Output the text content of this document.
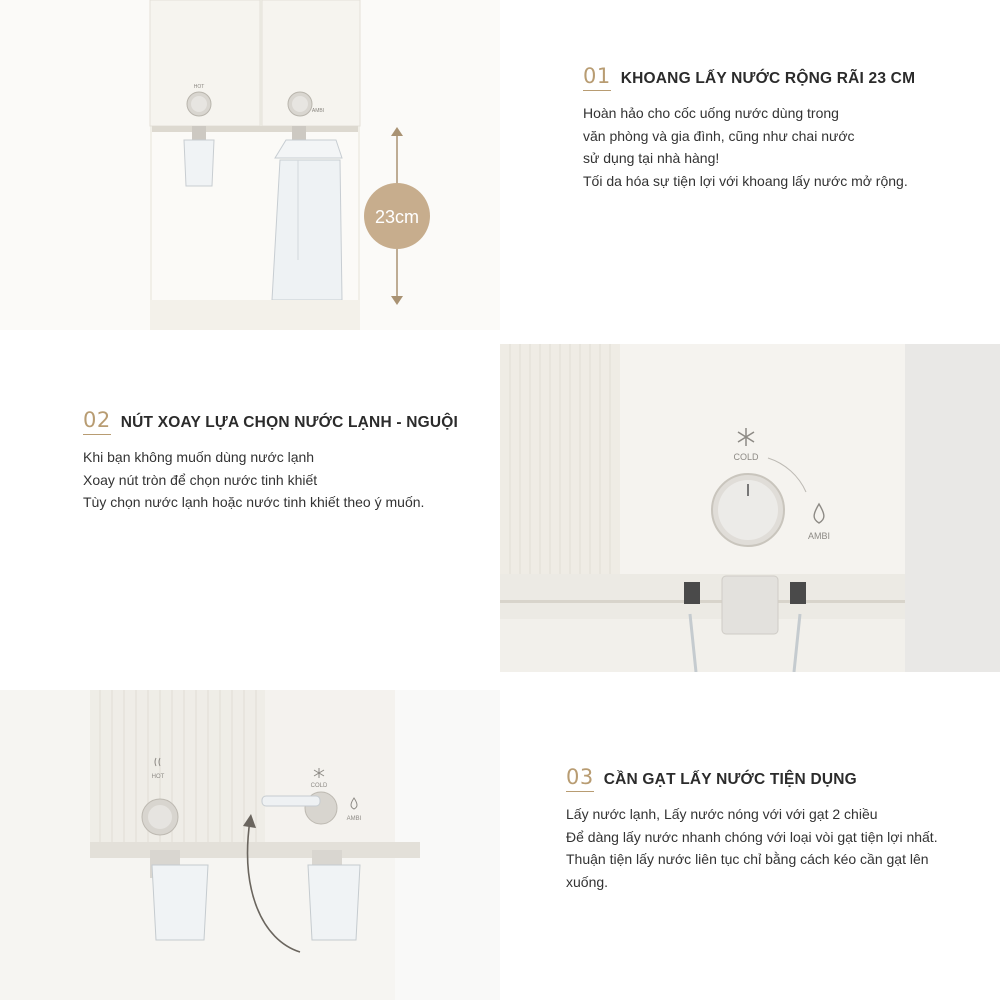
23cm
HOT
AMBI
01 KHOANG LẤY NƯỚC RỘNG RÃI 23 CM
Hoàn hảo cho cốc uống nước dùng trong
văn phòng và gia đình, cũng như chai nước
sử dụng tại nhà hàng!
Tối da hóa sự tiện lợi với khoang lấy nước mở rộng.
02 NÚT XOAY LỰA CHỌN NƯỚC LẠNH - NGUỘI
Khi bạn không muốn dùng nước lạnh
Xoay nút tròn để chọn nước tinh khiết
Tùy chọn nước lạnh hoặc nước tinh khiết theo ý muốn.
COLD
AMBI
HOT
COLD
AMBI
03 CẦN GẠT LẤY NƯỚC TIỆN DỤNG
Lấy nước lạnh, Lấy nước nóng với với gạt 2 chiều
Để dàng lấy nước nhanh chóng với loại vòi gạt tiện lợi nhất.
Thuận tiện lấy nước liên tục chỉ bằng cách kéo cần gạt lên
xuống.
